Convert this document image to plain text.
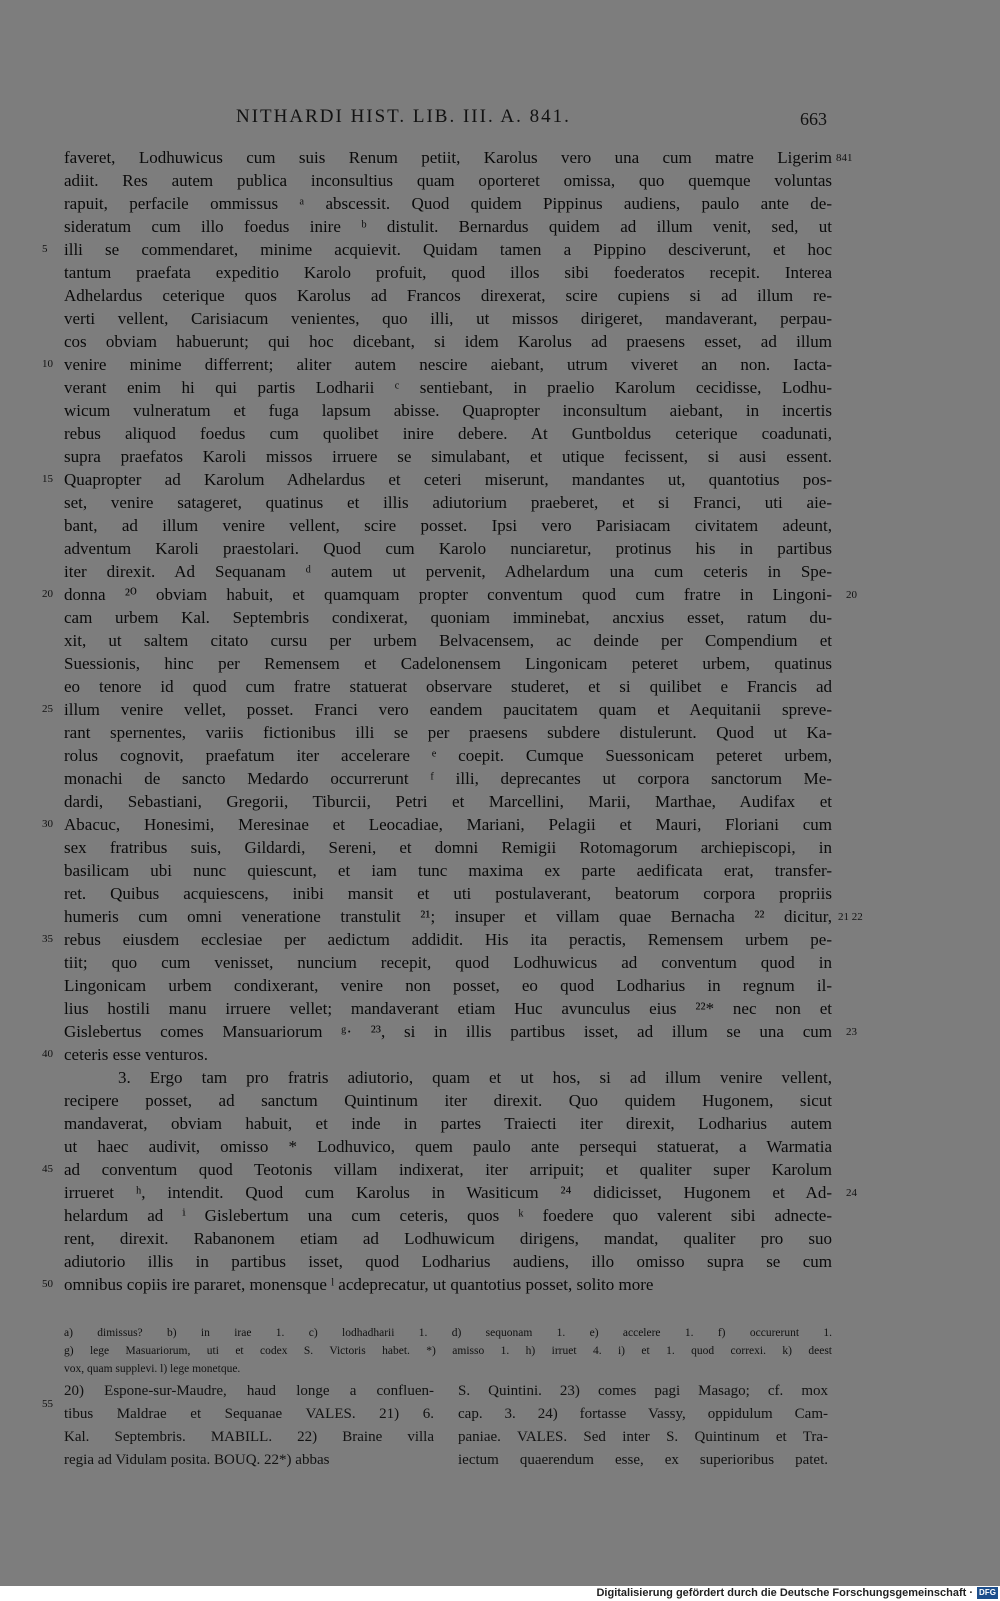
NITHARDI HIST. LIB. III. A. 841.	663
faveret, Lodhuwicus cum suis Renum petiit, Karolus vero una cum matre Ligerim
adiit. Res autem publica inconsultius quam oporteret omissa, quo quemque voluntas
rapuit, perfacile ommissus ᵃ abscessit. Quod quidem Pippinus audiens, paulo ante de-
sideratum cum illo foedus inire ᵇ distulit. Bernardus quidem ad illum venit, sed, ut
illi se commendaret, minime acquievit. Quidam tamen a Pippino desciverunt, et hoc
tantum praefata expeditio Karolo profuit, quod illos sibi foederatos recepit. Interea
Adhelardus ceterique quos Karolus ad Francos direxerat, scire cupiens si ad illum re-
verti vellent, Carisiacum venientes, quo illi, ut missos dirigeret, mandaverant, perpau-
cos obviam habuerunt; qui hoc dicebant, si idem Karolus ad praesens esset, ad illum
venire minime differrent; aliter autem nescire aiebant, utrum viveret an non. Iacta-
verant enim hi qui partis Lodharii ᶜ sentiebant, in praelio Karolum cecidisse, Lodhu-
wicum vulneratum et fuga lapsum abisse. Quapropter inconsultum aiebant, in incertis
rebus aliquod foedus cum quolibet inire debere. At Guntboldus ceterique coadunati,
supra praefatos Karoli missos irruere se simulabant, et utique fecissent, si ausi essent.
Quapropter ad Karolum Adhelardus et ceteri miserunt, mandantes ut, quantotius pos-
set, venire satageret, quatinus et illis adiutorium praeberet, et si Franci, uti aie-
bant, ad illum venire vellent, scire posset. Ipsi vero Parisiacam civitatem adeunt,
adventum Karoli praestolari. Quod cum Karolo nunciaretur, protinus his in partibus
iter direxit. Ad Sequanam ᵈ autem ut pervenit, Adhelardum una cum ceteris in Spe-
donna ²⁰ obviam habuit, et quamquam propter conventum quod cum fratre in Lingoni-
cam urbem Kal. Septembris condixerat, quoniam imminebat, ancxius esset, ratum du-
xit, ut saltem citato cursu per urbem Belvacensem, ac deinde per Compendium et
Suessionis, hinc per Remensem et Cadelonensem Lingonicam peteret urbem, quatinus
eo tenore id quod cum fratre statuerat observare studeret, et si quilibet e Francis ad
illum venire vellet, posset. Franci vero eandem paucitatem quam et Aequitanii spreve-
rant spernentes, variis fictionibus illi se per praesens subdere distulerunt. Quod ut Ka-
rolus cognovit, praefatum iter accelerare ᵉ coepit. Cumque Suessonicam peteret urbem,
monachi de sancto Medardo occurrerunt ᶠ illi, deprecantes ut corpora sanctorum Me-
dardi, Sebastiani, Gregorii, Tiburcii, Petri et Marcellini, Marii, Marthae, Audifax et
Abacuc, Honesimi, Meresinae et Leocadiae, Mariani, Pelagii et Mauri, Floriani cum
sex fratribus suis, Gildardi, Sereni, et domni Remigii Rotomagorum archiepiscopi, in
basilicam ubi nunc quiescunt, et iam tunc maxima ex parte aedificata erat, transfer-
ret. Quibus acquiescens, inibi mansit et uti postulaverant, beatorum corpora propriis
humeris cum omni veneratione transtulit ²¹; insuper et villam quae Bernacha ²² dicitur,
rebus eiusdem ecclesiae per aedictum addidit. His ita peractis, Remensem urbem pe-
tiit; quo cum venisset, nuncium recepit, quod Lodhuwicus ad conventum quod in
Lingonicam urbem condixerant, venire non posset, eo quod Lodharius in regnum il-
lius hostili manu irruere vellet; mandaverant etiam Huc avunculus eius ²²* nec non et
Gislebertus comes Mansuariorum ᵍ· ²³, si in illis partibus isset, ad illum se una cum
ceteris esse venturos.
3. Ergo tam pro fratris adiutorio, quam et ut hos, si ad illum venire vellent,
recipere posset, ad sanctum Quintinum iter direxit. Quo quidem Hugonem, sicut
mandaverat, obviam habuit, et inde in partes Traiecti iter direxit, Lodharius autem
ut haec audivit, omisso * Lodhuvico, quem paulo ante persequi statuerat, a Warmatia
ad conventum quod Teotonis villam indixerat, iter arripuit; et qualiter super Karolum
irrueret ʰ, intendit. Quod cum Karolus in Wasiticum ²⁴ didicisset, Hugonem et Ad-
helardum ad ⁱ Gislebertum una cum ceteris, quos ᵏ foedere quo valerent sibi adnecte-
rent, direxit. Rabanonem etiam ad Lodhuwicum dirigens, mandat, qualiter pro suo
adiutorio illis in partibus isset, quod Lodharius audiens, illo omisso supra se cum
omnibus copiis ire pararet, monensque ˡ acdeprecatur, ut quantotius posset, solito more
5
10
15
20
25
30
35
40
45
50
55
841
20
21 22
23
24
a) dimissus? b) in irae 1. c) lodhadharii 1. d) sequonam 1. e) accelere 1. f) occurerunt 1.
g) lege Masuariorum, uti et codex S. Victoris habet. *) amisso 1. h) irruet 4. i) et 1. quod correxi. k) deest
vox, quam supplevi. l) lege monetque.
20) Espone-sur-Maudre, haud longe a confluen-
tibus Maldrae et Sequanae VALES. 21) 6.
Kal. Septembris. MABILL. 22) Braine villa
regia ad Vidulam posita. BOUQ. 22*) abbas
S. Quintini. 23) comes pagi Masago; cf. mox
cap. 3. 24) fortasse Vassy, oppidulum Cam-
paniae. VALES. Sed inter S. Quintinum et Tra-
iectum quaerendum esse, ex superioribus patet.
Digitalisierung gefördert durch die Deutsche Forschungsgemeinschaft · DFG
